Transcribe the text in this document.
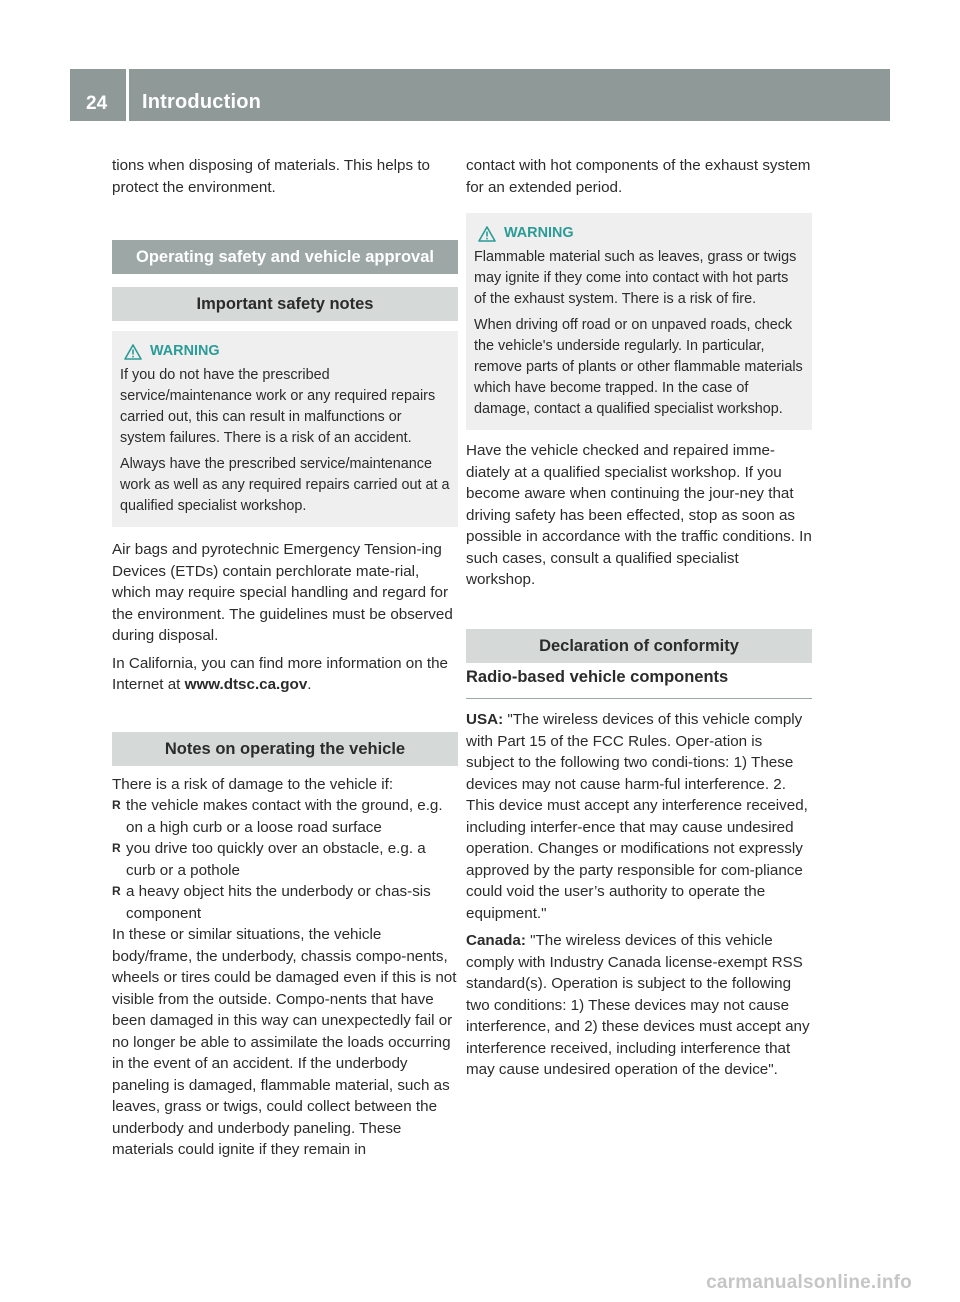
24	Introduction

tions when disposing of materials. This helps to protect the environment.

Operating safety and vehicle approval
Important safety notes
WARNING

If you do not have the prescribed service/maintenance work or any required repairs carried out, this can result in malfunctions or system failures. There is a risk of an accident.

Always have the prescribed service/maintenance work as well as any required repairs carried out at a qualified specialist workshop.

Air bags and pyrotechnic Emergency Tension-ing Devices (ETDs) contain perchlorate mate-rial, which may require special handling and regard for the environment. The guidelines must be observed during disposal.

In California, you can find more information on the Internet at www.dtsc.ca.gov.

Notes on operating the vehicle

There is a risk of damage to the vehicle if:

R the vehicle makes contact with the ground, e.g. on a high curb or a loose road surface
R you drive too quickly over an obstacle, e.g. a curb or a pothole
R a heavy object hits the underbody or chas-sis component

In these or similar situations, the vehicle body/frame, the underbody, chassis compo-nents, wheels or tires could be damaged even if this is not visible from the outside. Compo-nents that have been damaged in this way can unexpectedly fail or no longer be able to assimilate the loads occurring in the event of an accident. If the underbody paneling is damaged, flammable material, such as leaves, grass or twigs, could collect between the underbody and underbody paneling. These materials could ignite if they remain in

contact with hot components of the exhaust system for an extended period.

WARNING

Flammable material such as leaves, grass or twigs may ignite if they come into contact with hot parts of the exhaust system. There is a risk of fire.

When driving off road or on unpaved roads, check the vehicle's underside regularly. In particular, remove parts of plants or other flammable materials which have become trapped. In the case of damage, contact a qualified specialist workshop.

Have the vehicle checked and repaired imme-diately at a qualified specialist workshop. If you become aware when continuing the jour-ney that driving safety has been effected, stop as soon as possible in accordance with the traffic conditions. In such cases, consult a qualified specialist workshop.

Declaration of conformity
Radio-based vehicle components

USA: "The wireless devices of this vehicle comply with Part 15 of the FCC Rules. Oper-ation is subject to the following two condi-tions: 1) These devices may not cause harm-ful interference. 2. This device must accept any interference received, including interfer-ence that may cause undesired operation. Changes or modifications not expressly approved by the party responsible for com-pliance could void the user’s authority to operate the equipment."

Canada: "The wireless devices of this vehicle comply with Industry Canada license-exempt RSS standard(s). Operation is subject to the following two conditions: 1) These devices may not cause interference, and 2) these devices must accept any interference received, including interference that may cause undesired operation of the device".

carmanualsonline.info
